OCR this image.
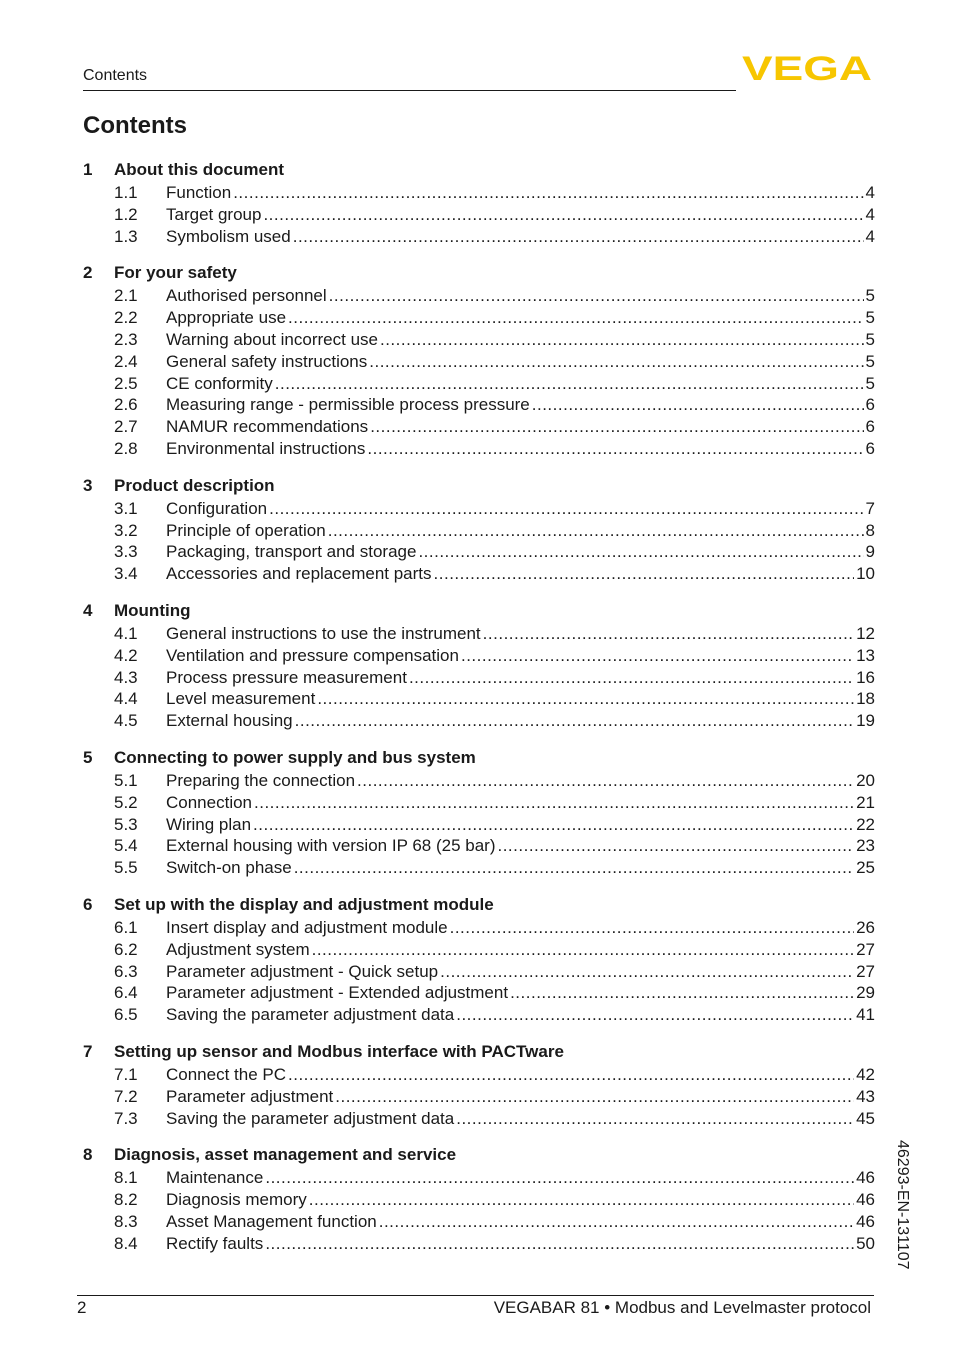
Contents	VEGA
Contents
1	About this document
1.1	Function .....	4
1.2	Target group .....	4
1.3	Symbolism used .....	4
2	For your safety
2.1	Authorised personnel .....	5
2.2	Appropriate use .....	5
2.3	Warning about incorrect use .....	5
2.4	General safety instructions .....	5
2.5	CE conformity .....	5
2.6	Measuring range - permissible process pressure .....	6
2.7	NAMUR recommendations .....	6
2.8	Environmental instructions .....	6
3	Product description
3.1	Configuration .....	7
3.2	Principle of operation .....	8
3.3	Packaging, transport and storage .....	9
3.4	Accessories and replacement parts .....	10
4	Mounting
4.1	General instructions to use the instrument .....	12
4.2	Ventilation and pressure compensation .....	13
4.3	Process pressure measurement .....	16
4.4	Level measurement .....	18
4.5	External housing .....	19
5	Connecting to power supply and bus system
5.1	Preparing the connection .....	20
5.2	Connection .....	21
5.3	Wiring plan .....	22
5.4	External housing with version IP 68 (25 bar) .....	23
5.5	Switch-on phase .....	25
6	Set up with the display and adjustment module
6.1	Insert display and adjustment module .....	26
6.2	Adjustment system .....	27
6.3	Parameter adjustment - Quick setup .....	27
6.4	Parameter adjustment - Extended adjustment .....	29
6.5	Saving the parameter adjustment data .....	41
7	Setting up sensor and Modbus interface with PACTware
7.1	Connect the PC .....	42
7.2	Parameter adjustment .....	43
7.3	Saving the parameter adjustment data .....	45
8	Diagnosis, asset management and service
8.1	Maintenance .....	46
8.2	Diagnosis memory .....	46
8.3	Asset Management function .....	46
8.4	Rectify faults .....	50 46293-EN-131107
2	VEGABAR 81 • Modbus and Levelmaster protocol
